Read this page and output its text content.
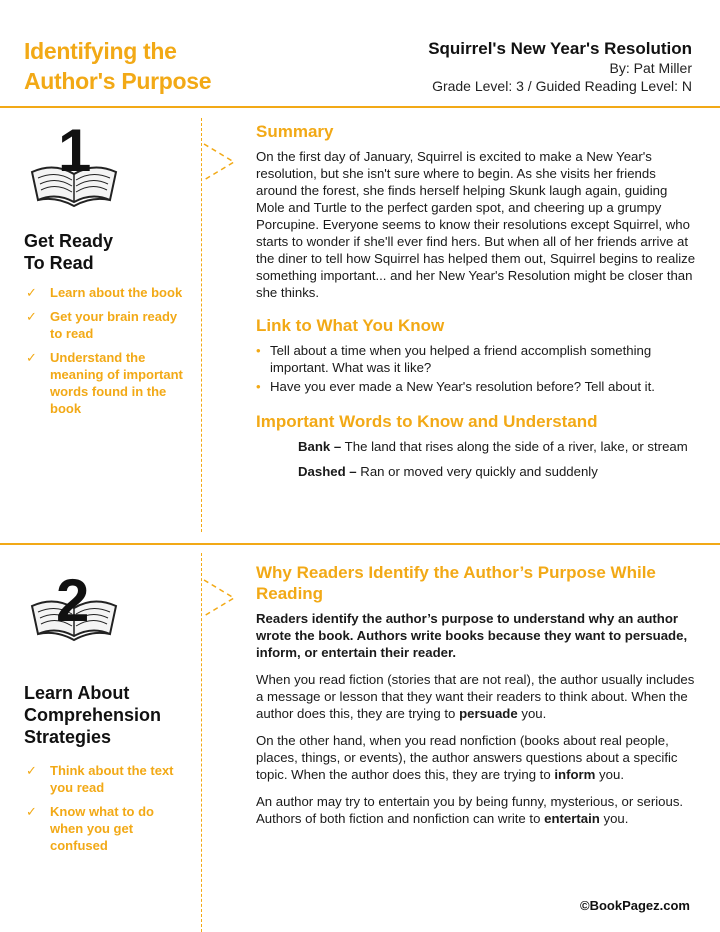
Identifying the
Author's Purpose
Squirrel's New Year's Resolution
By: Pat Miller
Grade Level: 3 / Guided Reading Level: N
1
Get Ready
To Read
✓ Learn about the book
✓ Get your brain ready to read
✓ Understand the meaning of important words found in the book
Summary
On the first day of January, Squirrel is excited to make a New Year's resolution, but she isn't sure where to begin. As she visits her friends around the forest, she finds herself helping Skunk laugh again, guiding Mole and Turtle to the perfect garden spot, and cheering up a grumpy Porcupine. Everyone seems to know their resolutions except Squirrel, who starts to wonder if she'll ever find hers. But when all of her friends arrive at the diner to tell how Squirrel has helped them out, Squirrel begins to realize something important... and her New Year's Resolution might be closer than she thinks.
Link to What You Know
• Tell about a time when you helped a friend accomplish something important. What was it like?
• Have you ever made a New Year's resolution before? Tell about it.
Important Words to Know and Understand
Bank – The land that rises along the side of a river, lake, or stream
Dashed – Ran or moved very quickly and suddenly
2
Learn About
Comprehension
Strategies
✓ Think about the text you read
✓ Know what to do when you get confused
Why Readers Identify the Author’s Purpose While Reading
Readers identify the author’s purpose to understand why an author wrote the book. Authors write books because they want to persuade, inform, or entertain their reader.
When you read fiction (stories that are not real), the author usually includes a message or lesson that they want their readers to think about. When the author does this, they are trying to persuade you.
On the other hand, when you read nonfiction (books about real people, places, things, or events), the author answers questions about a specific topic. When the author does this, they are trying to inform you.
An author may try to entertain you by being funny, mysterious, or serious. Authors of both fiction and nonfiction can write to entertain you.
©BookPagez.com
